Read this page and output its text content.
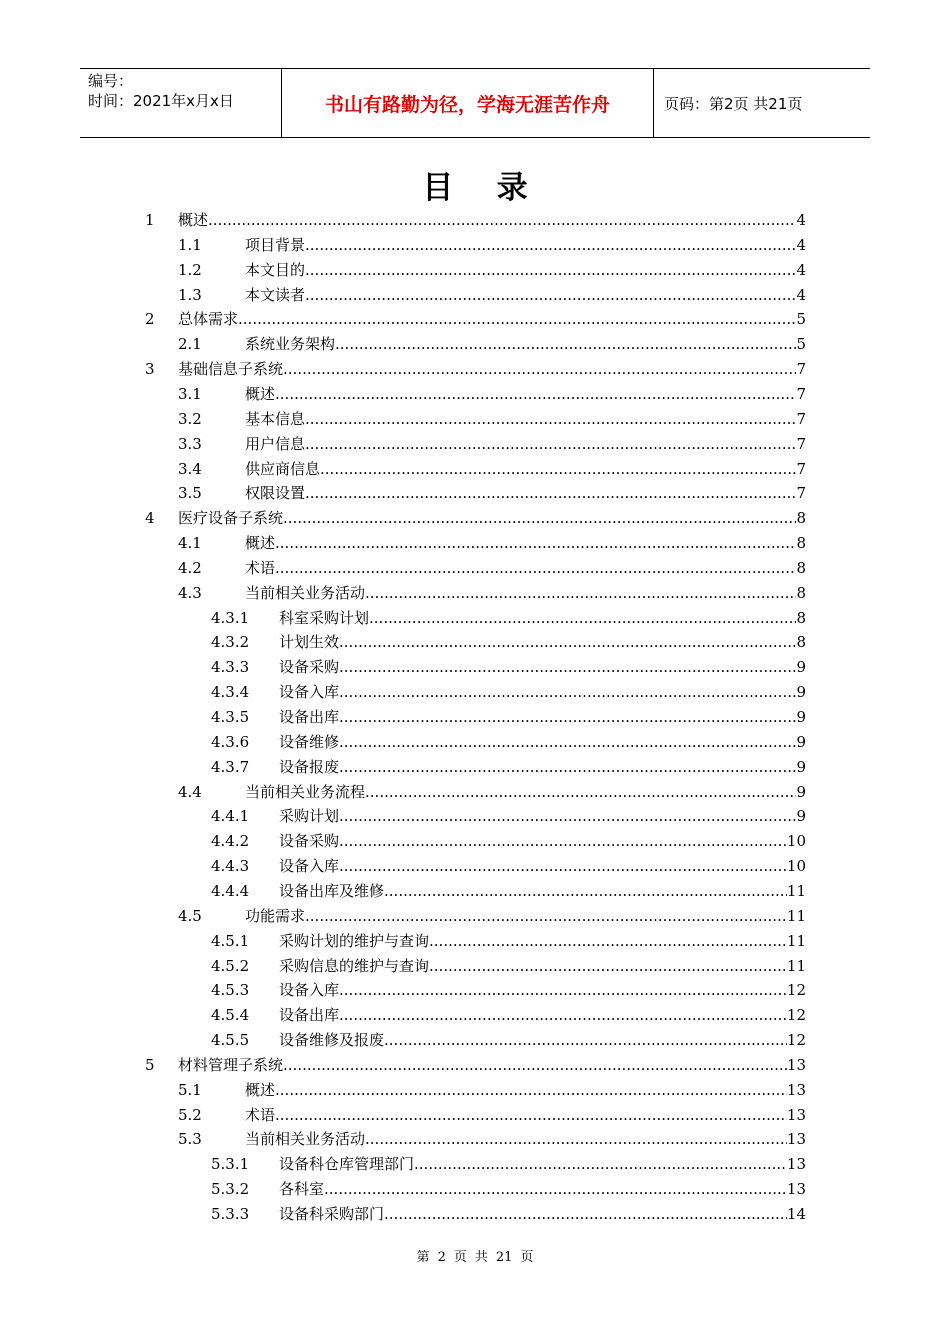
编号：
时间：2021年x月x日	书山有路勤为径，学海无涯苦作舟	页码：第2页 共21页
目    录
1 概述 .....	4
1.1	项目背景 .....	4
1.2	本文目的 .....	4
1.3	本文读者 .....	4
2 总体需求 .....	5
2.1	系统业务架构 .....	5
3 基础信息子系统 .....	7
3.1	概述 .....	7
3.2	基本信息 .....	7
3.3	用户信息 .....	7
3.4	供应商信息 .....	7
3.5	权限设置 .....	7
4 医疗设备子系统 .....	8
4.1	概述 .....	8
4.2	术语 .....	8
4.3	当前相关业务活动 .....	8
4.3.1 科室采购计划 .....	8
4.3.2 计划生效 .....	8
4.3.3 设备采购 .....	9
4.3.4 设备入库 .....	9
4.3.5 设备出库 .....	9
4.3.6 设备维修 .....	9
4.3.7 设备报废 .....	9
4.4	当前相关业务流程 .....	9
4.4.1 采购计划 .....	9
4.4.2 设备采购 .....	10
4.4.3 设备入库 .....	10
4.4.4 设备出库及维修 .....	11
4.5	功能需求 .....	11
4.5.1 采购计划的维护与查询 .....	11
4.5.2 采购信息的维护与查询 .....	11
4.5.3 设备入库 .....	12
4.5.4 设备出库 .....	12
4.5.5 设备维修及报废 .....	12
5 材料管理子系统 .....	13
5.1	概述 .....	13
5.2	术语 .....	13
5.3	当前相关业务活动 .....	13
5.3.1 设备科仓库管理部门 .....	13
5.3.2 各科室 .....	13
5.3.3 设备科采购部门 .....	14
第 2 页 共 21 页
